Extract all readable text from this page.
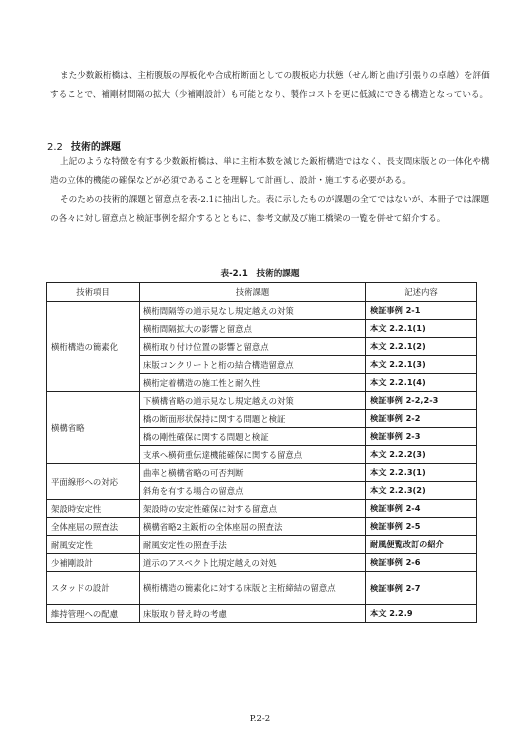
また少数鈑桁橋は、主桁腹版の厚板化や合成桁断面としての腹板応力状態（せん断と曲げ引張りの卓越）を評価することで、補剛材間隔の拡大（少補剛設計）も可能となり、製作コストを更に低減にできる構造となっている。

2.2 技術的課題

上記のような特徴を有する少数鈑桁橋は、単に主桁本数を減じた鈑桁構造ではなく、長支間床版との一体化や構造の立体的機能の確保などが必須であることを理解して計画し、設計・施工する必要がある。

そのための技術的課題と留意点を表-2.1に抽出した。表に示したものが課題の全てではないが、本冊子では課題の各々に対し留意点と検証事例を紹介するとともに、参考文献及び施工橋梁の一覧を併せて紹介する。

表-2.1　 技術的課題
技術項目	技術課題	記述内容
横桁構造の簡素化	横桁間隔等の道示見なし規定越えの対策	検証事例 2-1
	横桁間隔拡大の影響と留意点	本文 2.2.1(1)
	横桁取り付け位置の影響と留意点	本文 2.2.1(2)
	床版コンクリートと桁の結合構造留意点	本文 2.2.1(3)
	横桁定着構造の施工性と耐久性	本文 2.2.1(4)
横構省略	下横構省略の道示見なし規定越えの対策	検証事例 2-2,2-3
	橋の断面形状保持に関する問題と検証	検証事例 2-2
	橋の剛性確保に関する問題と検証	検証事例 2-3
	支承へ横荷重伝達機能確保に関する留意点	本文 2.2.2(3)
平面線形への対応	曲率と横構省略の可否判断	本文 2.2.3(1)
	斜角を有する場合の留意点	本文 2.2.3(2)
架設時安定性	架設時の安定性確保に対する留意点	検証事例 2-4
全体座屈の照査法	横構省略2主鈑桁の全体座屈の照査法	検証事例 2-5
耐風安定性	耐風安定性の照査手法	耐風便覧改訂の紹介
少補剛設計	道示のアスペクト比規定越えの対処	検証事例 2-6
スタッドの設計	横桁構造の簡素化に対する床版と主桁締結の留意点	検証事例 2-7
維持管理への配慮	床版取り替え時の考慮	本文 2.2.9
P.2-2
